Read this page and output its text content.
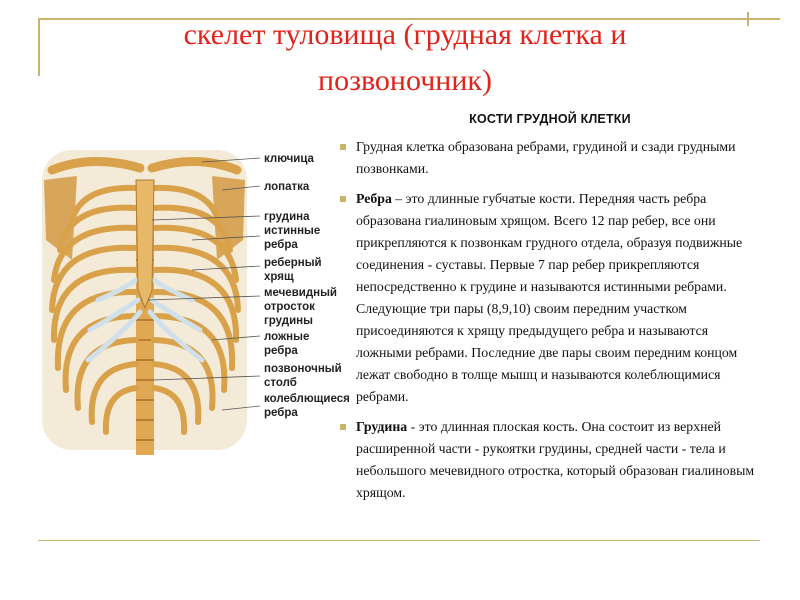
скелет туловища (грудная клетка и позвоночник)
ключица
лопатка
грудина
истинные
ребра
реберный
хрящ
мечевидный
отросток
грудины
ложные
ребра
позвоночный
столб
колеблющиеся
ребра
КОСТИ ГРУДНОЙ КЛЕТКИ

Грудная клетка образована ребрами, грудиной и сзади грудными позвонками.

Ребра – это длинные губчатые кости. Передняя часть ребра образована гиалиновым хрящом. Всего 12 пар ребер, все они прикрепляются к позвонкам грудного отдела, образуя подвижные соединения - суставы. Первые 7 пар ребер прикрепляются непосредственно к грудине и называются истинными ребрами. Следующие три пары (8,9,10) своим передним участком присоединяются к хрящу предыдущего ребра и называются ложными ребрами. Последние две пары своим передним концом лежат свободно в толще мышц и называются колеблющимися ребрами.

Грудина - это длинная плоская кость. Она состоит из верхней расширенной части - рукоятки грудины, средней части - тела и небольшого мечевидного отростка, который образован гиалиновым хрящом.
